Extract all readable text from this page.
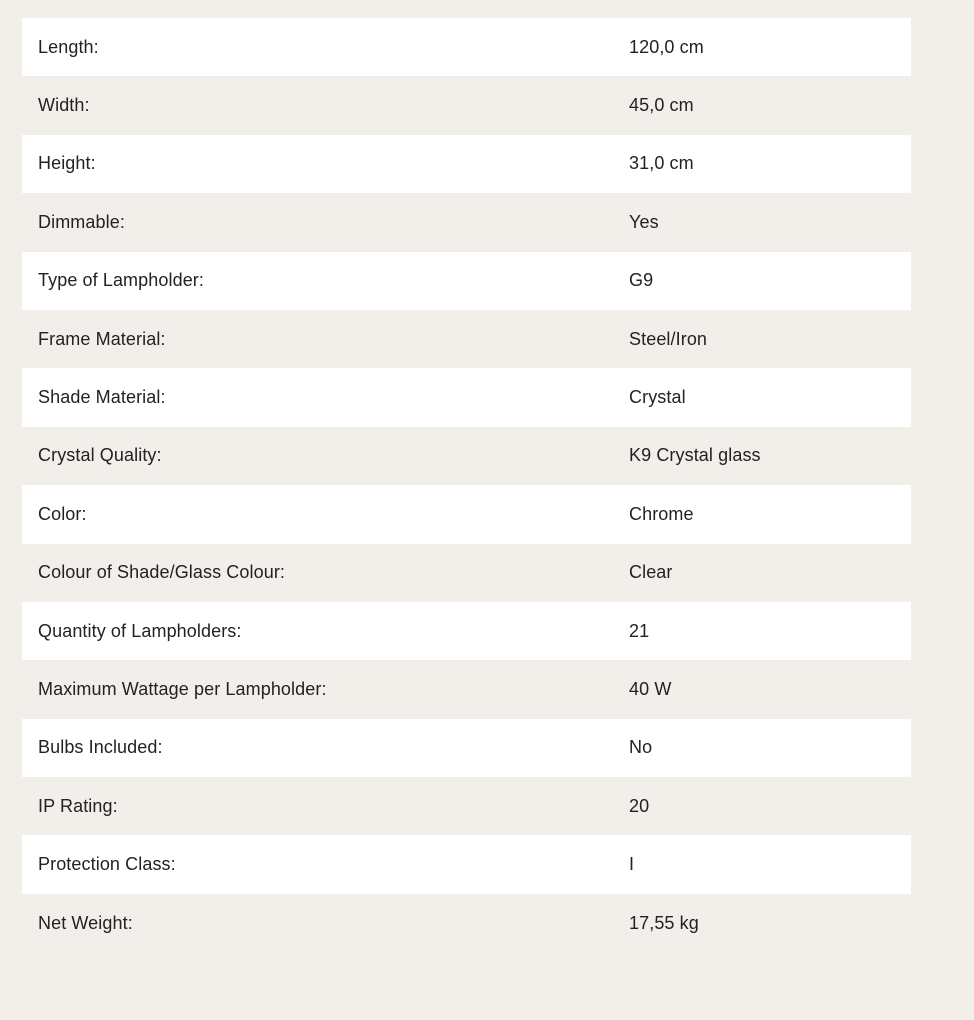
Length:	120,0 cm
Width:	45,0 cm
Height:	31,0 cm
Dimmable:	Yes
Type of Lampholder:	G9
Frame Material:	Steel/Iron
Shade Material:	Crystal
Crystal Quality:	K9 Crystal glass
Color:	Chrome
Colour of Shade/Glass Colour:	Clear
Quantity of Lampholders:	21
Maximum Wattage per Lampholder:	40 W
Bulbs Included:	No
IP Rating:	20
Protection Class:	I
Net Weight:	17,55 kg
